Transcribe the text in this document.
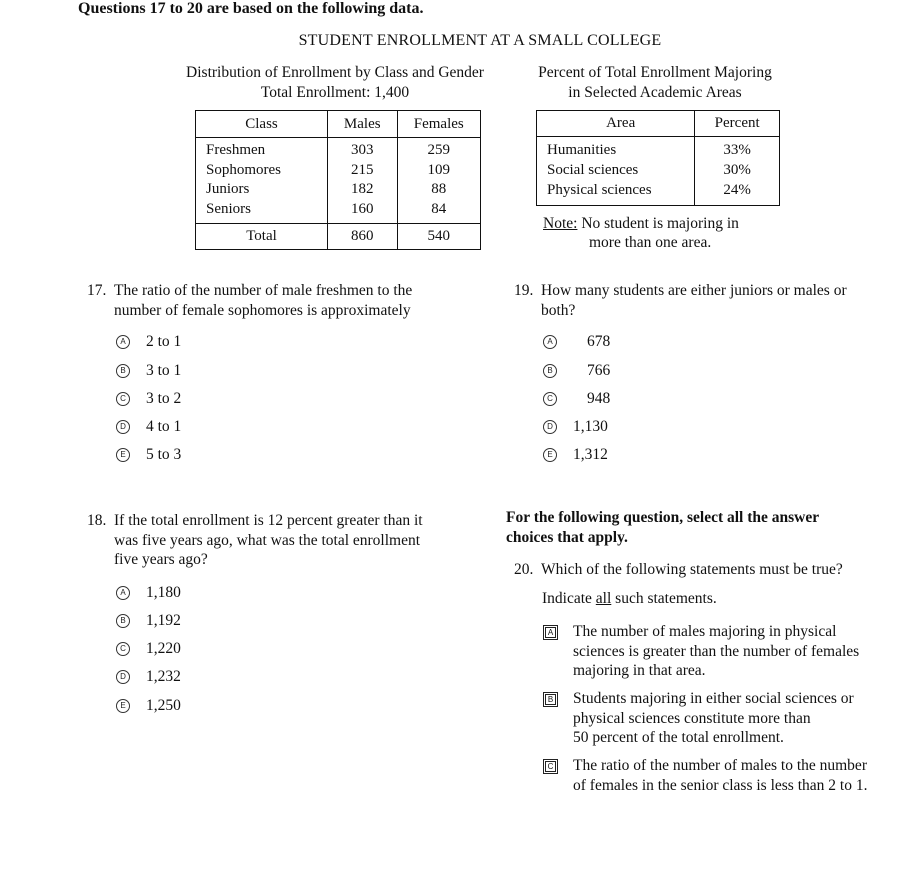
Questions 17 to 20 are based on the following data.
STUDENT ENROLLMENT AT A SMALL COLLEGE
Distribution of Enrollment by Class and Gender
Total Enrollment: 1,400
Percent of Total Enrollment Majoring
in Selected Academic Areas
Class	Males	Females
Freshmen	303	259
Sophomores	215	109
Juniors	182	88
Seniors	160	84
Total	860	540
Area	Percent
Humanities	33%
Social sciences	30%
Physical sciences	24%
Note: No student is majoring in
more than one area.
17. The ratio of the number of male freshmen to the
number of female sophomores is approximately
A 2 to 1
B 3 to 1
C 3 to 2
D 4 to 1
E 5 to 3
18. If the total enrollment is 12 percent greater than it
was five years ago, what was the total enrollment
five years ago?
A 1,180
B 1,192
C 1,220
D 1,232
E 1,250
19. How many students are either juniors or males or
both?
A 678
B 766
C 948
D 1,130
E 1,312
For the following question, select all the answer
choices that apply.
20. Which of the following statements must be true?
Indicate all such statements.
A	The number of males majoring in physical
sciences is greater than the number of females
majoring in that area.
B	Students majoring in either social sciences or
physical sciences constitute more than
50 percent of the total enrollment.
C The ratio of the number of males to the number
of females in the senior class is less than 2 to 1.
